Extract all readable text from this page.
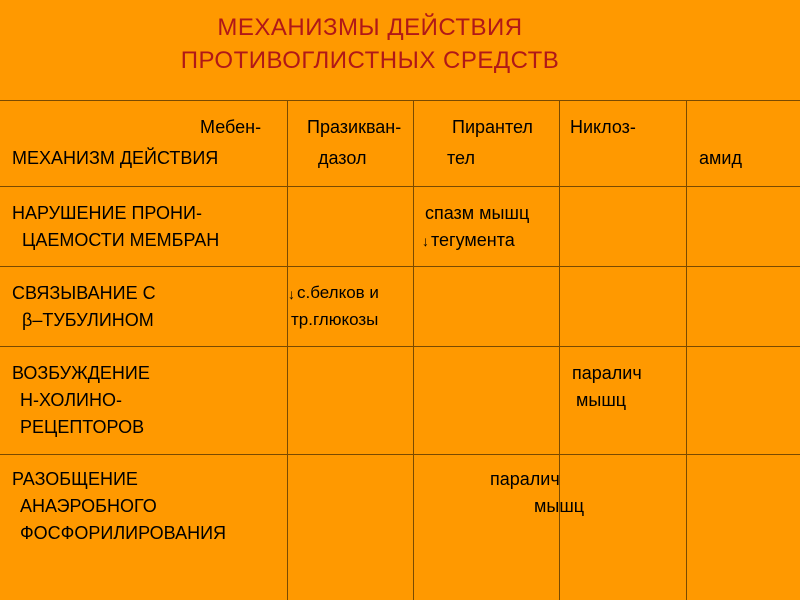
МЕХАНИЗМЫ ДЕЙСТВИЯ
ПРОТИВОГЛИСТНЫХ СРЕДСТВ
МЕХАНИЗМ ДЕЙСТВИЯ
Мебен-
дазол
Празикван-
тел
Пирантел Никлоз-
амид
НАРУШЕНИЕ ПРОНИ-
ЦАЕМОСТИ МЕМБРАН
спазм мышц
↓ тегумента
СВЯЗЫВАНИЕ С
β–ТУБУЛИНОМ
↓ с.белков и
тр.глюкозы
ВОЗБУЖДЕНИЕ
Н-ХОЛИНО-
РЕЦЕПТОРОВ
паралич
мышц
РАЗОБЩЕНИЕ
АНАЭРОБНОГО
ФОСФОРИЛИРОВАНИЯ
паралич
мышц
